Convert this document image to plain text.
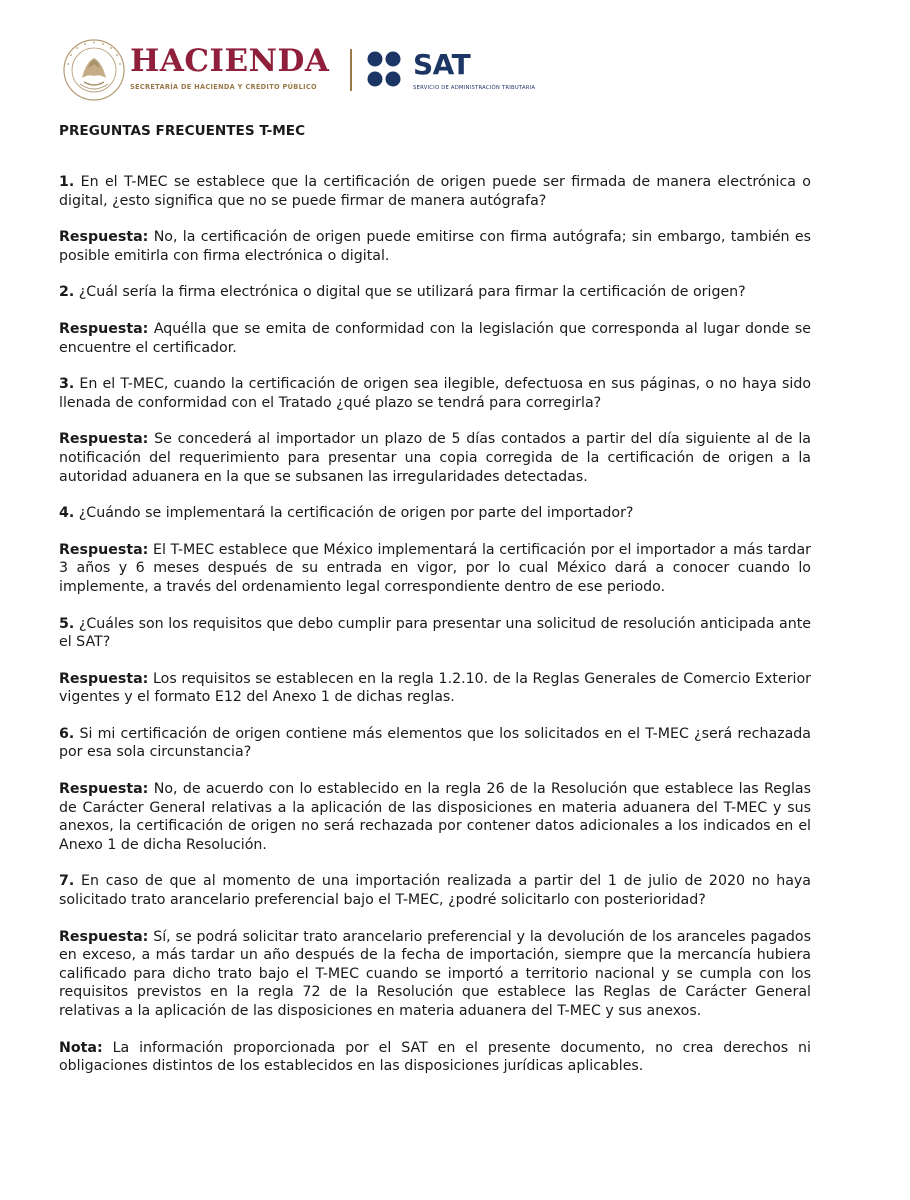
HACIENDA
SECRETARÍA DE HACIENDA Y CRÉDITO PÚBLICO
SAT
SERVICIO DE ADMINISTRACIÓN TRIBUTARIA
PREGUNTAS FRECUENTES T-MEC

1. En el T-MEC se establece que la certificación de origen puede ser firmada de manera electrónica o digital, ¿esto significa que no se puede firmar de manera autógrafa?

Respuesta: No, la certificación de origen puede emitirse con firma autógrafa; sin embargo, también es posible emitirla con firma electrónica o digital.

2. ¿Cuál sería la firma electrónica o digital que se utilizará para firmar la certificación de origen?

Respuesta: Aquélla que se emita de conformidad con la legislación que corresponda al lugar donde se encuentre el certificador.

3. En el T-MEC, cuando la certificación de origen sea ilegible, defectuosa en sus páginas, o no haya sido llenada de conformidad con el Tratado ¿qué plazo se tendrá para corregirla?

Respuesta: Se concederá al importador un plazo de 5 días contados a partir del día siguiente al de la notificación del requerimiento para presentar una copia corregida de la certificación de origen a la autoridad aduanera en la que se subsanen las irregularidades detectadas.

4. ¿Cuándo se implementará la certificación de origen por parte del importador?

Respuesta: El T-MEC establece que México implementará la certificación por el importador a más tardar 3 años y 6 meses después de su entrada en vigor, por lo cual México dará a conocer cuando lo implemente, a través del ordenamiento legal correspondiente dentro de ese periodo.

5. ¿Cuáles son los requisitos que debo cumplir para presentar una solicitud de resolución anticipada ante el SAT?

Respuesta: Los requisitos se establecen en la regla 1.2.10. de la Reglas Generales de Comercio Exterior vigentes y el formato E12 del Anexo 1 de dichas reglas.

6. Si mi certificación de origen contiene más elementos que los solicitados en el T-MEC ¿será rechazada por esa sola circunstancia?

Respuesta: No, de acuerdo con lo establecido en la regla 26 de la Resolución que establece las Reglas de Carácter General relativas a la aplicación de las disposiciones en materia aduanera del T-MEC y sus anexos, la certificación de origen no será rechazada por contener datos adicionales a los indicados en el Anexo 1 de dicha Resolución.

7. En caso de que al momento de una importación realizada a partir del 1 de julio de 2020 no haya solicitado trato arancelario preferencial bajo el T-MEC, ¿podré solicitarlo con posterioridad?

Respuesta: Sí, se podrá solicitar trato arancelario preferencial y la devolución de los aranceles pagados en exceso, a más tardar un año después de la fecha de importación, siempre que la mercancía hubiera calificado para dicho trato bajo el T-MEC cuando se importó a territorio nacional y se cumpla con los requisitos previstos en la regla 72 de la Resolución que establece las Reglas de Carácter General relativas a la aplicación de las disposiciones en materia aduanera del T-MEC y sus anexos.

Nota: La información proporcionada por el SAT en el presente documento, no crea derechos ni obligaciones distintos de los establecidos en las disposiciones jurídicas aplicables.
